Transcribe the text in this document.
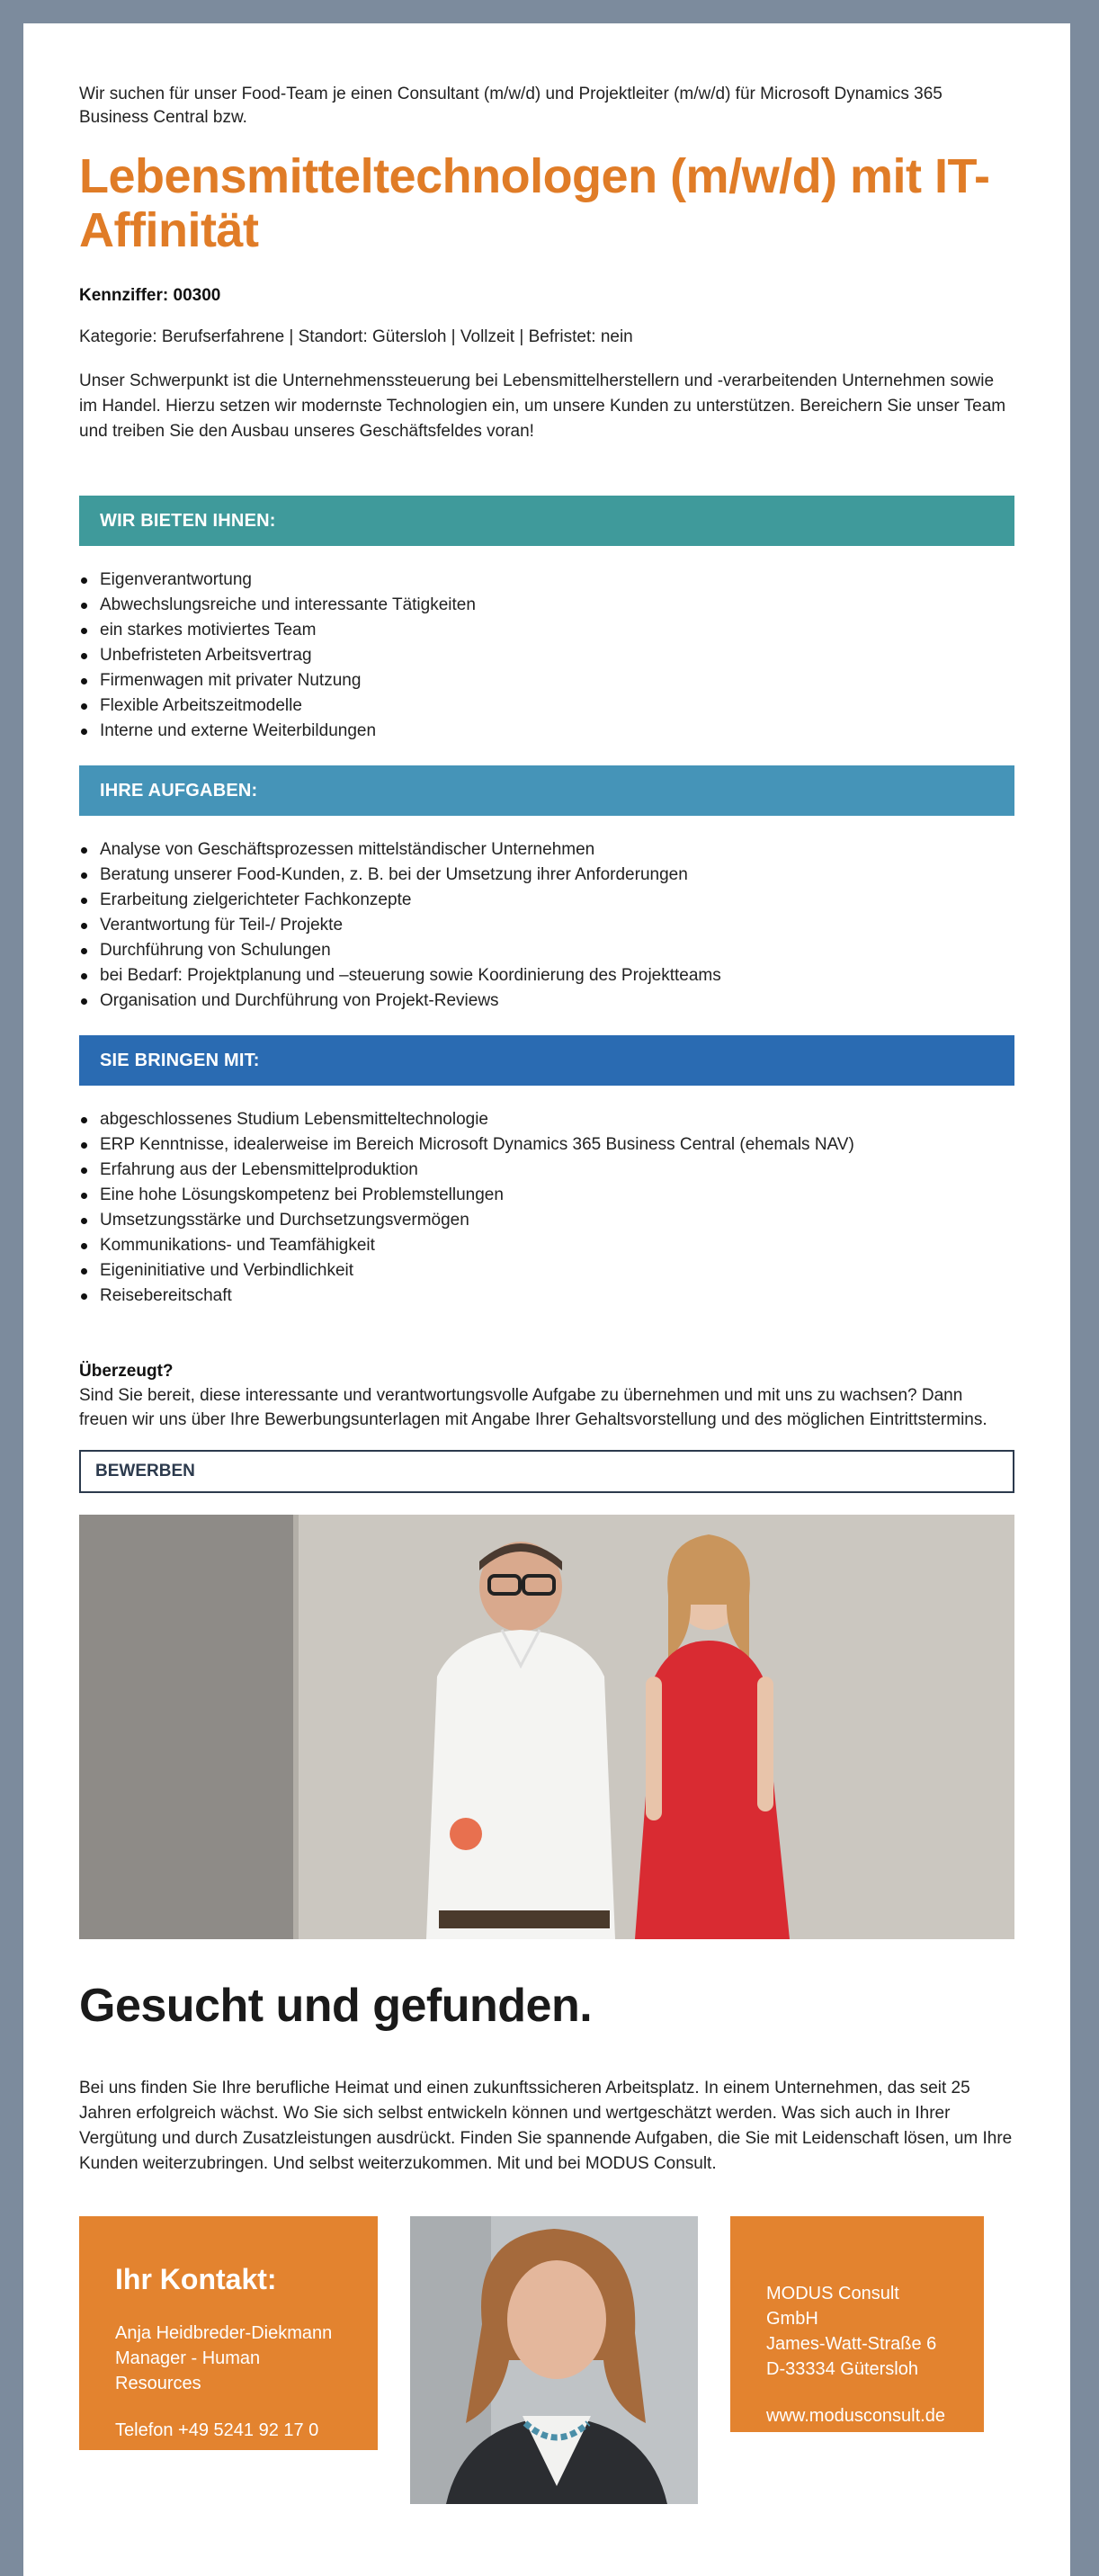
Wir suchen für unser Food-Team je einen Consultant (m/w/d) und Projektleiter (m/w/d) für Microsoft Dynamics 365 Business Central bzw.

Lebensmitteltechnologen (m/w/d) mit IT-Affinität

Kennziffer: 00300

Kategorie: Berufserfahrene | Standort: Gütersloh | Vollzeit | Befristet: nein

Unser Schwerpunkt ist die Unternehmenssteuerung bei Lebensmittelherstellern und -verarbeitenden Unternehmen sowie im Handel. Hierzu setzen wir modernste Technologien ein, um unsere Kunden zu unterstützen. Bereichern Sie unser Team und treiben Sie den Ausbau unseres Geschäftsfeldes voran!

WIR BIETEN IHNEN:
Eigenverantwortung
Abwechslungsreiche und interessante Tätigkeiten
ein starkes motiviertes Team
Unbefristeten Arbeitsvertrag
Firmenwagen mit privater Nutzung
Flexible Arbeitszeitmodelle
Interne und externe Weiterbildungen
IHRE AUFGABEN:
Analyse von Geschäftsprozessen mittelständischer Unternehmen
Beratung unserer Food-Kunden, z. B. bei der Umsetzung ihrer Anforderungen
Erarbeitung zielgerichteter Fachkonzepte
Verantwortung für Teil-/ Projekte
Durchführung von Schulungen
bei Bedarf: Projektplanung und –steuerung sowie Koordinierung des Projektteams
Organisation und Durchführung von Projekt-Reviews
SIE BRINGEN MIT:
abgeschlossenes Studium Lebensmitteltechnologie
ERP Kenntnisse, idealerweise im Bereich Microsoft Dynamics 365 Business Central (ehemals NAV)
Erfahrung aus der Lebensmittelproduktion
Eine hohe Lösungskompetenz bei Problemstellungen
Umsetzungsstärke und Durchsetzungsvermögen
Kommunikations- und Teamfähigkeit
Eigeninitiative und Verbindlichkeit
Reisebereitschaft

Überzeugt?

Sind Sie bereit, diese interessante und verantwortungsvolle Aufgabe zu übernehmen und mit uns zu wachsen? Dann freuen wir uns über Ihre Bewerbungsunterlagen mit Angabe Ihrer Gehaltsvorstellung und des möglichen Eintrittstermins.

BEWERBEN
Gesucht und gefunden.

Bei uns finden Sie Ihre berufliche Heimat und einen zukunftssicheren Arbeitsplatz. In einem Unternehmen, das seit 25 Jahren erfolgreich wächst. Wo Sie sich selbst entwickeln können und wertgeschätzt werden. Was sich auch in Ihrer Vergütung und durch Zusatzleistungen ausdrückt. Finden Sie spannende Aufgaben, die Sie mit Leidenschaft lösen, um Ihre Kunden weiterzubringen. Und selbst weiterzukommen. Mit und bei MODUS Consult.

Ihr Kontakt:

Anja Heidbreder-Diekmann
Manager - Human Resources
Telefon +49 5241 92 17 0
MODUS Consult GmbH
James-Watt-Straße 6
D-33334 Gütersloh
www.modusconsult.de
